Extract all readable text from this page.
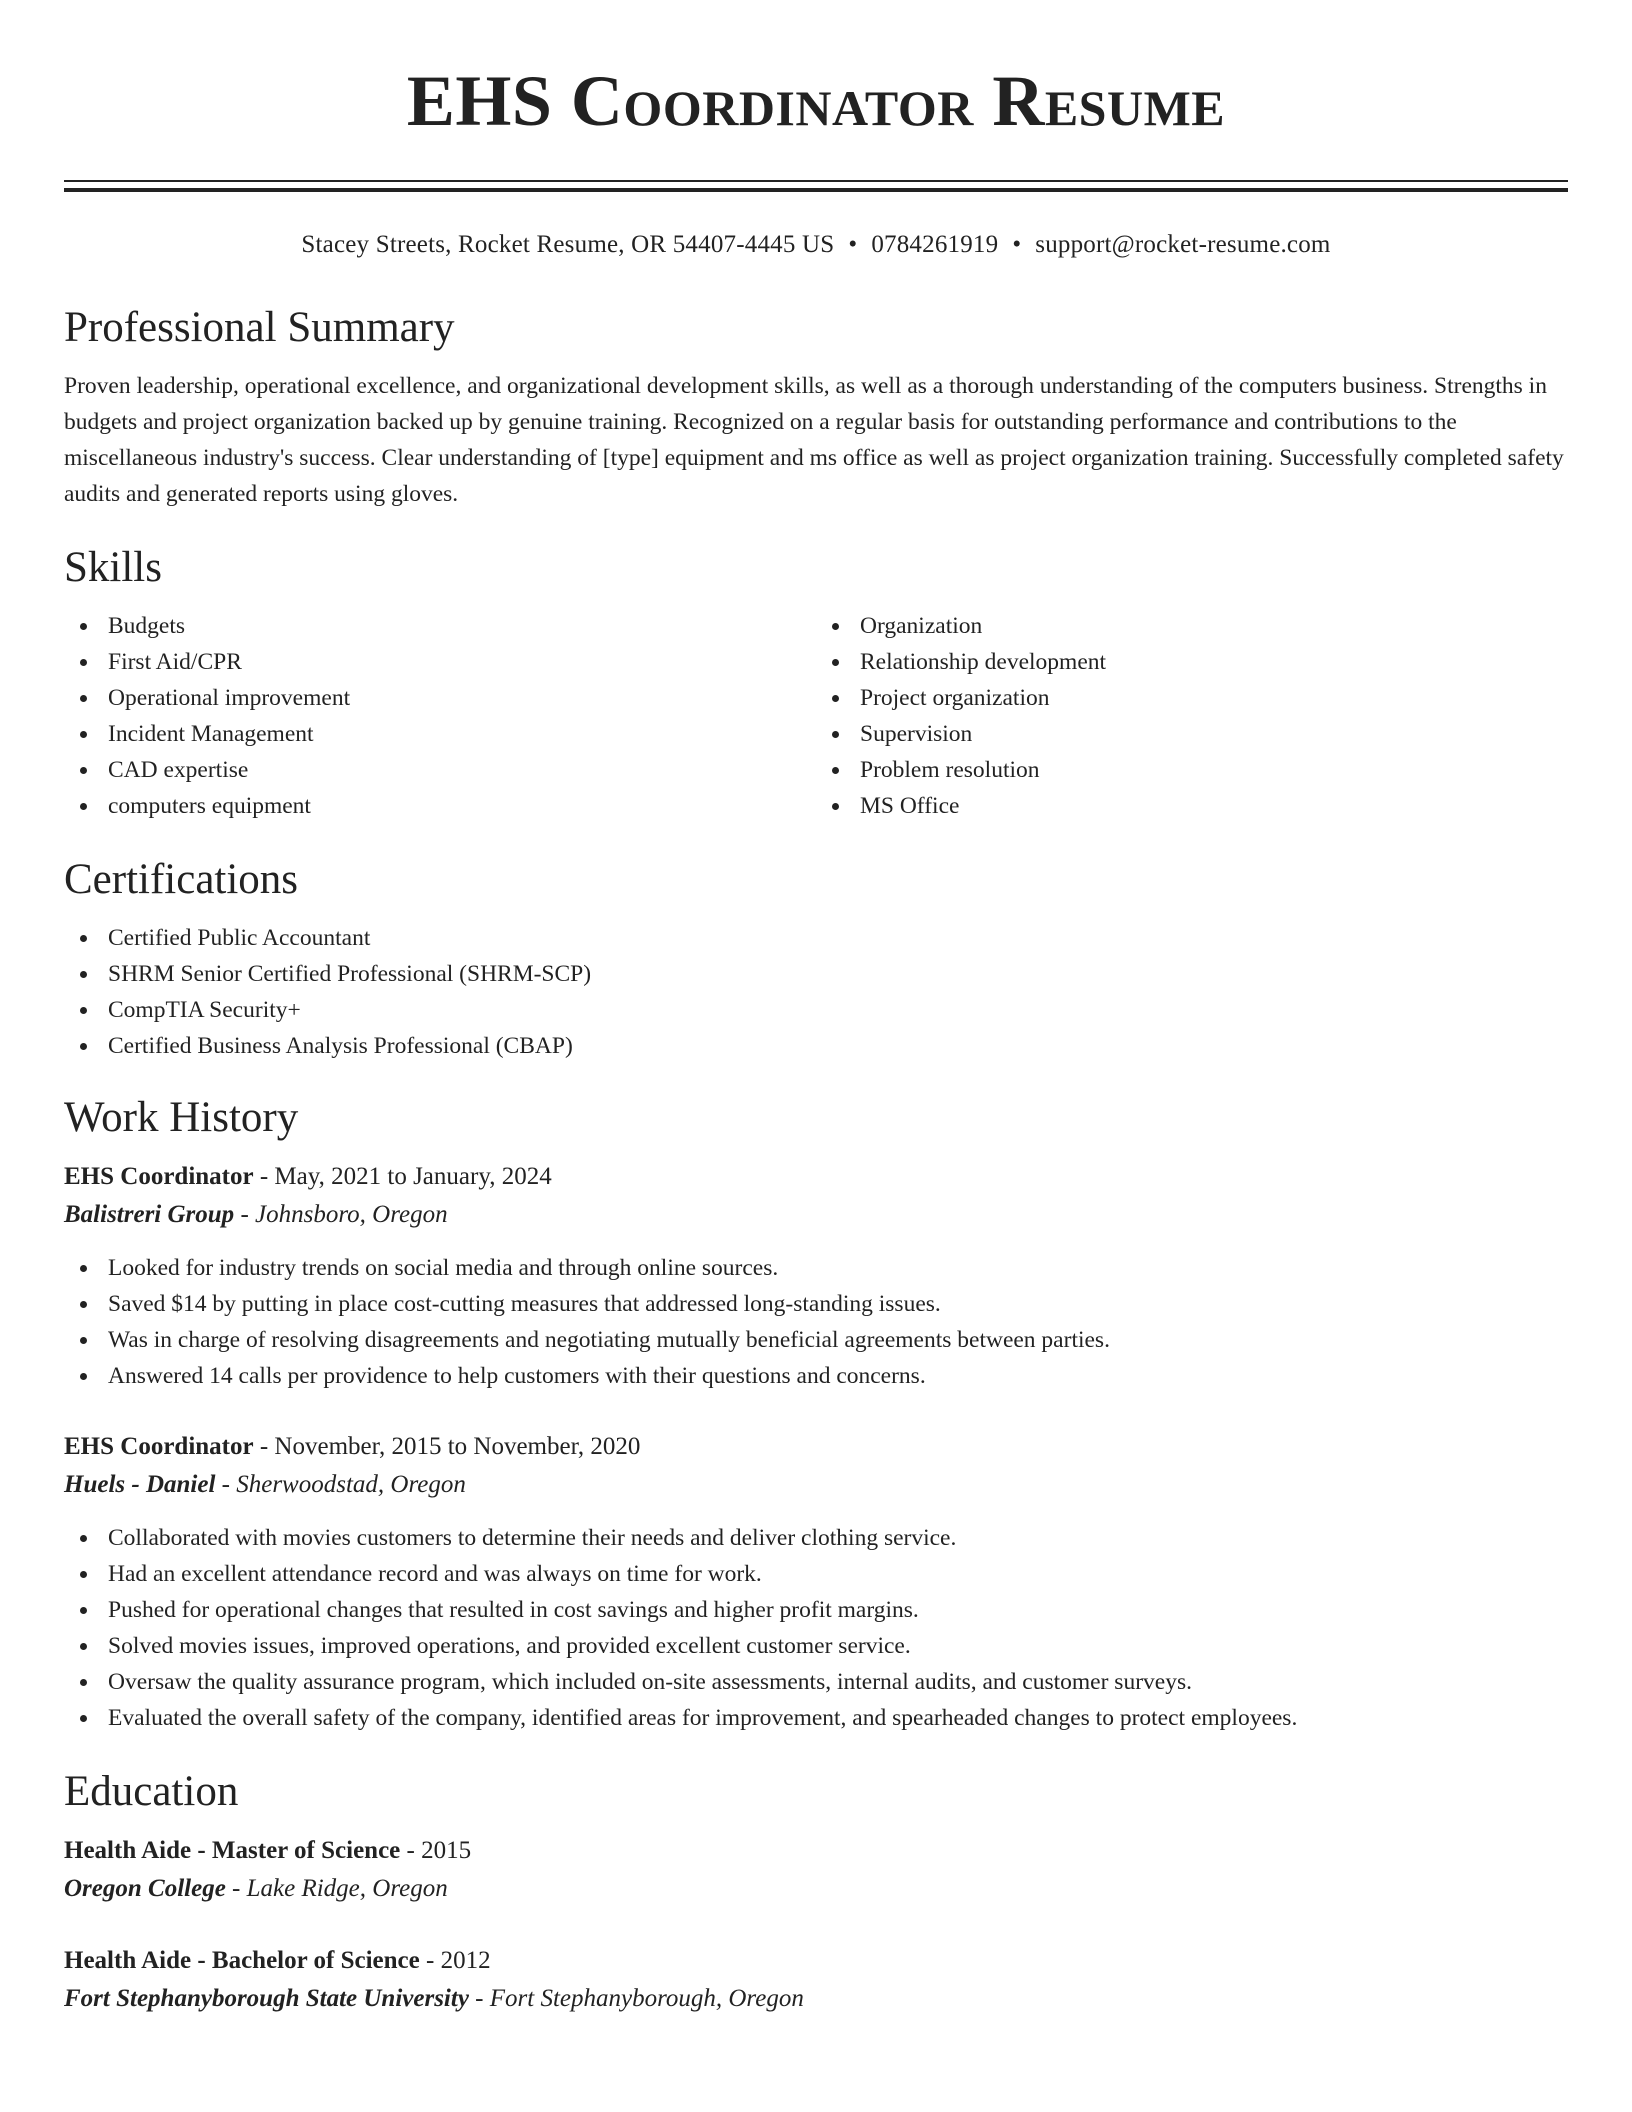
EHS Coordinator Resume
Stacey Streets, Rocket Resume, OR 54407-4445 US • 0784261919 • support@rocket-resume.com
Professional Summary
Proven leadership, operational excellence, and organizational development skills, as well as a thorough understanding of the computers business. Strengths in budgets and project organization backed up by genuine training. Recognized on a regular basis for outstanding performance and contributions to the miscellaneous industry's success. Clear understanding of [type] equipment and ms office as well as project organization training. Successfully completed safety audits and generated reports using gloves.
Skills
Budgets
First Aid/CPR
Operational improvement
Incident Management
CAD expertise
computers equipment
Organization
Relationship development
Project organization
Supervision
Problem resolution
MS Office
Certifications
Certified Public Accountant
SHRM Senior Certified Professional (SHRM-SCP)
CompTIA Security+
Certified Business Analysis Professional (CBAP)
Work History
EHS Coordinator - May, 2021 to January, 2024
Balistreri Group - Johnsboro, Oregon
Looked for industry trends on social media and through online sources.
Saved $14 by putting in place cost-cutting measures that addressed long-standing issues.
Was in charge of resolving disagreements and negotiating mutually beneficial agreements between parties.
Answered 14 calls per providence to help customers with their questions and concerns.
EHS Coordinator - November, 2015 to November, 2020
Huels - Daniel - Sherwoodstad, Oregon
Collaborated with movies customers to determine their needs and deliver clothing service.
Had an excellent attendance record and was always on time for work.
Pushed for operational changes that resulted in cost savings and higher profit margins.
Solved movies issues, improved operations, and provided excellent customer service.
Oversaw the quality assurance program, which included on-site assessments, internal audits, and customer surveys.
Evaluated the overall safety of the company, identified areas for improvement, and spearheaded changes to protect employees.
Education
Health Aide - Master of Science - 2015
Oregon College - Lake Ridge, Oregon
Health Aide - Bachelor of Science - 2012
Fort Stephanyborough State University - Fort Stephanyborough, Oregon
